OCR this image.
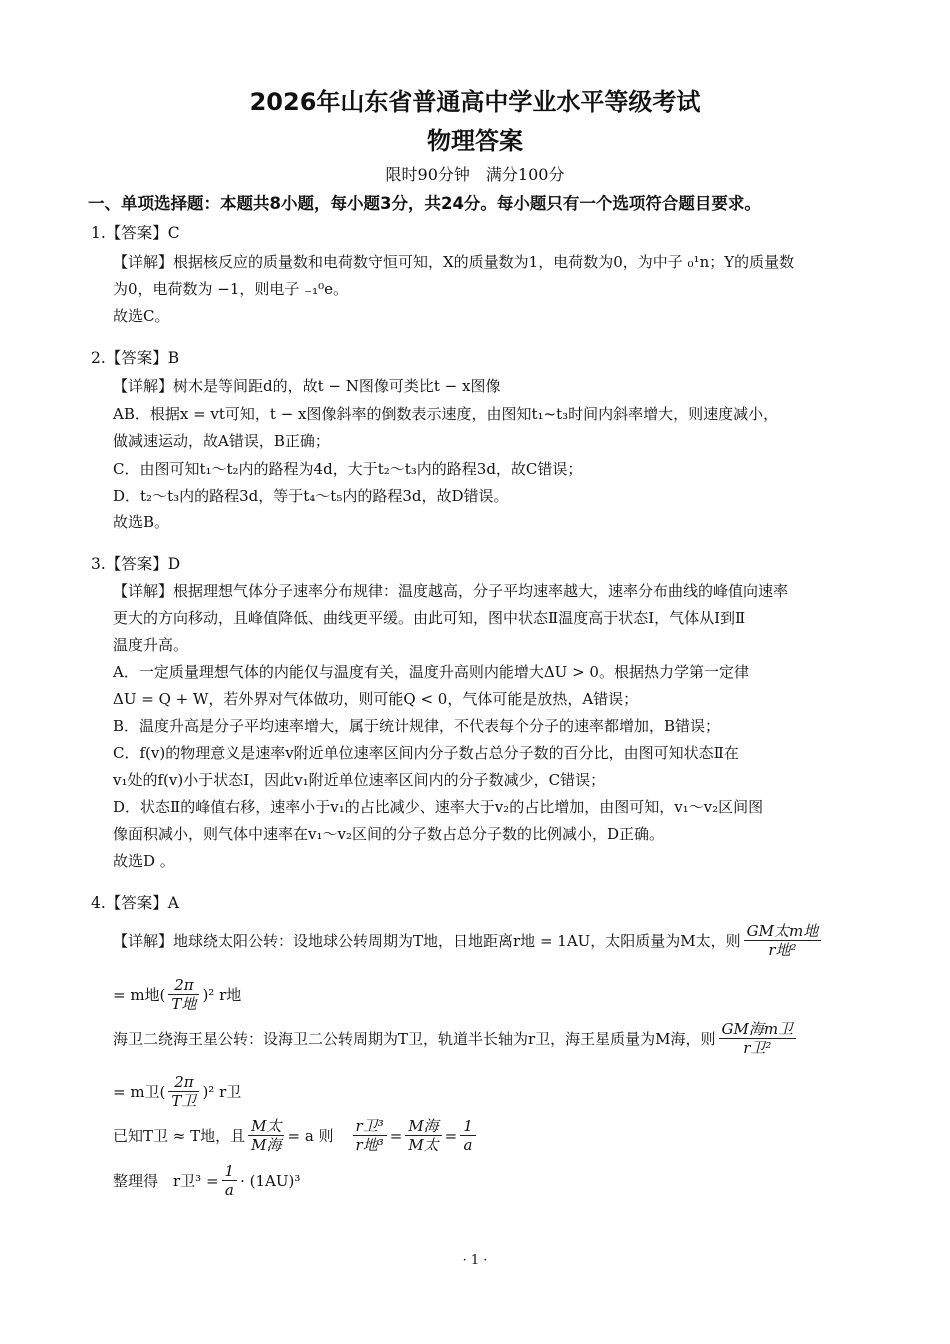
2026年山东省普通高中学业水平等级考试
物理答案
限时90分钟　满分100分
一、单项选择题：本题共8小题，每小题3分，共24分。每小题只有一个选项符合题目要求。
1.【答案】C
【详解】根据核反应的质量数和电荷数守恒可知，X的质量数为1，电荷数为0，为中子 ₀¹n；Y的质量数
为0，电荷数为 −1，则电子 ₋₁⁰e。
故选C。
2.【答案】B
【详解】树木是等间距d的，故t − N图像可类比t − x图像
AB．根据x = vt可知，t − x图像斜率的倒数表示速度，由图知t₁~t₃时间内斜率增大，则速度减小，
做减速运动，故A错误，B正确；
C．由图可知t₁～t₂内的路程为4d，大于t₂～t₃内的路程3d，故C错误；
D．t₂～t₃内的路程3d，等于t₄～t₅内的路程3d，故D错误。
故选B。
3.【答案】D
【详解】根据理想气体分子速率分布规律：温度越高，分子平均速率越大，速率分布曲线的峰值向速率
更大的方向移动，且峰值降低、曲线更平缓。由此可知，图中状态Ⅱ温度高于状态Ⅰ，气体从Ⅰ到Ⅱ
温度升高。
A．一定质量理想气体的内能仅与温度有关，温度升高则内能增大ΔU > 0。根据热力学第一定律
ΔU = Q + W，若外界对气体做功，则可能Q < 0，气体可能是放热，A错误；
B．温度升高是分子平均速率增大，属于统计规律，不代表每个分子的速率都增加，B错误；
C．f(v)的物理意义是速率v附近单位速率区间内分子数占总分子数的百分比，由图可知状态Ⅱ在
v₁处的f(v)小于状态Ⅰ，因此v₁附近单位速率区间内的分子数减少，C错误；
D．状态Ⅱ的峰值右移，速率小于v₁的占比减少、速率大于v₂的占比增加，由图可知，v₁～v₂区间图
像面积减小，则气体中速率在v₁～v₂区间的分子数占总分子数的比例减小，D正确。
故选D 。
4.【答案】A
【详解】地球绕太阳公转：设地球公转周期为T地，日地距离r地 = 1AU，太阳质量为M太，则
GM太m地
r地²
= m地(
2π
T地
)² r地
海卫二绕海王星公转：设海卫二公转周期为T卫，轨道半长轴为r卫，海王星质量为M海，则
GM海m卫
r卫²
= m卫(
2π
T卫
)² r卫
已知T卫 ≈ T地，且
M太
M海
= a 则
r卫³
r地³
=
M海
M太
= $\frac{1}{a}$
整理得　r卫$^3 = \frac{1}{a} \cdot (1AU)^3$
· 1 ·
